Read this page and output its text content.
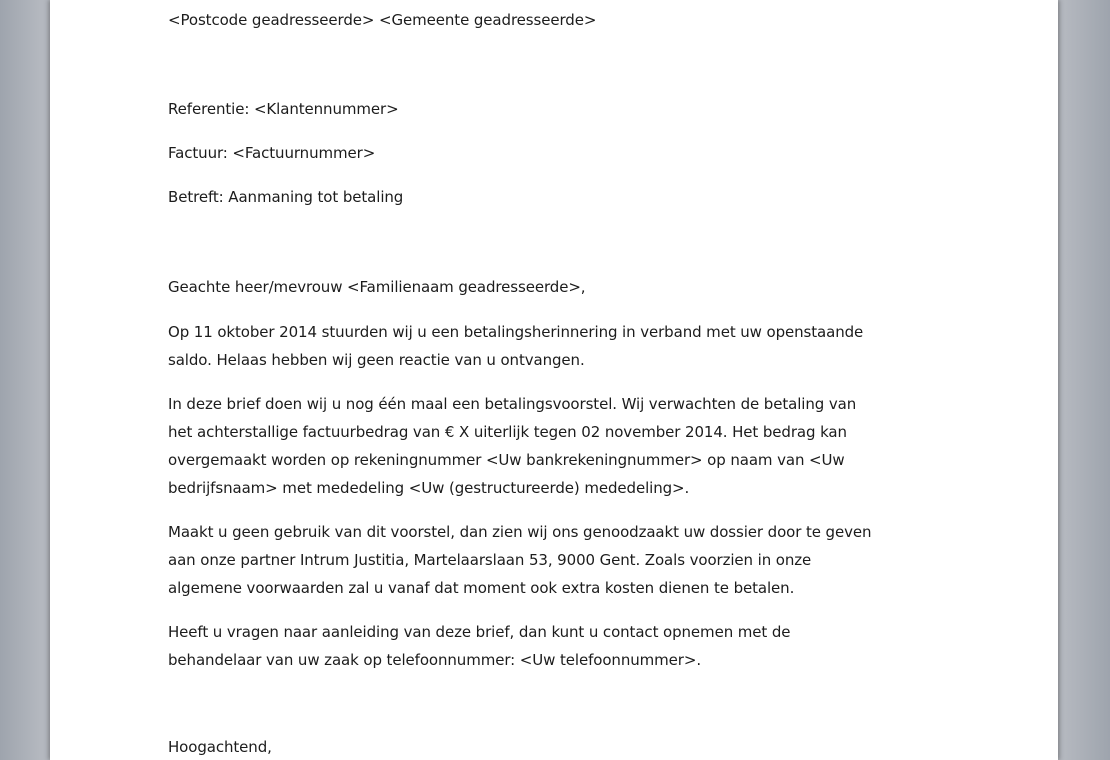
<Postcode geadresseerde> <Gemeente geadresseerde>
Referentie: <Klantennummer>
Factuur: <Factuurnummer>
Betreft: Aanmaning tot betaling
Geachte heer/mevrouw <Familienaam geadresseerde>,
Op 11 oktober 2014 stuurden wij u een betalingsherinnering in verband met uw openstaande
saldo. Helaas hebben wij geen reactie van u ontvangen.
In deze brief doen wij u nog één maal een betalingsvoorstel. Wij verwachten de betaling van
het achterstallige factuurbedrag van € X uiterlijk tegen 02 november 2014. Het bedrag kan
overgemaakt worden op rekeningnummer <Uw bankrekeningnummer> op naam van <Uw
bedrijfsnaam> met mededeling <Uw (gestructureerde) mededeling>.
Maakt u geen gebruik van dit voorstel, dan zien wij ons genoodzaakt uw dossier door te geven
aan onze partner Intrum Justitia, Martelaarslaan 53, 9000 Gent. Zoals voorzien in onze
algemene voorwaarden zal u vanaf dat moment ook extra kosten dienen te betalen.
Heeft u vragen naar aanleiding van deze brief, dan kunt u contact opnemen met de
behandelaar van uw zaak op telefoonnummer: <Uw telefoonnummer>.
Hoogachtend,
